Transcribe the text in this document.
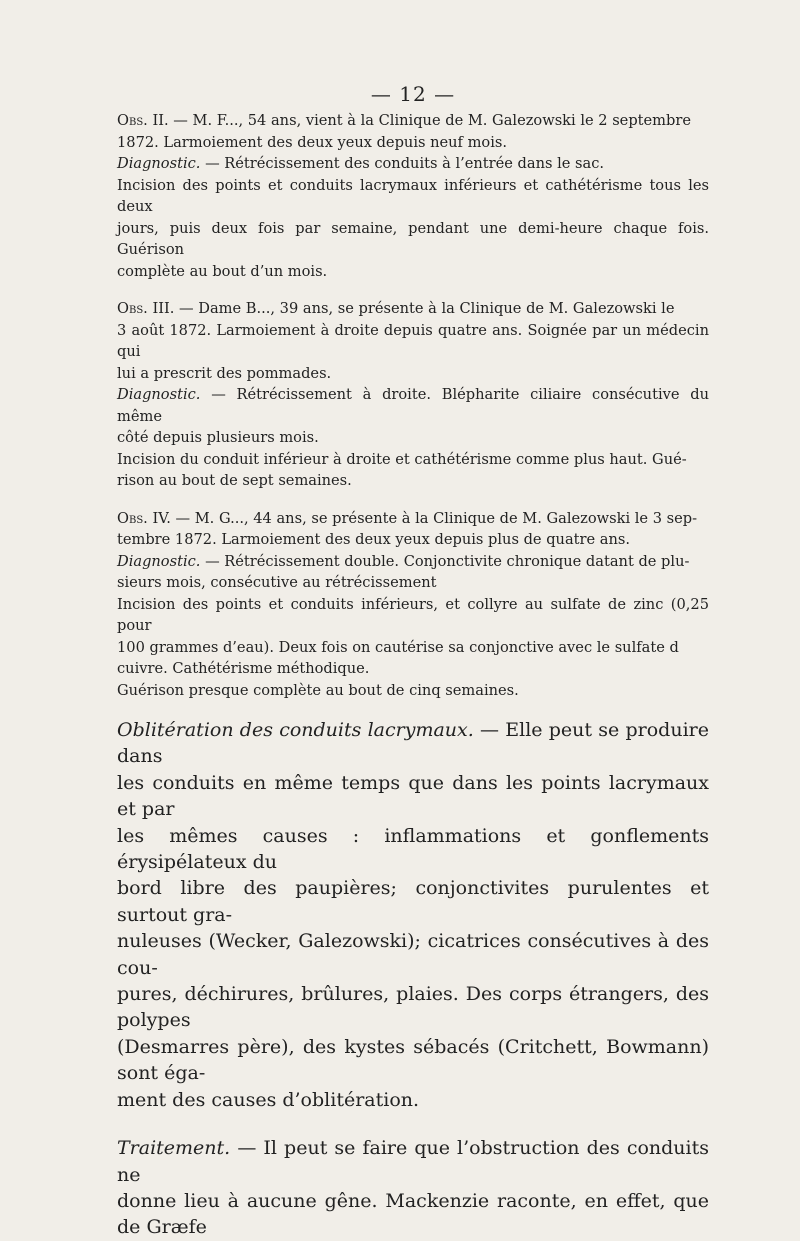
— 12 —

Obs. II. — M. F..., 54 ans, vient à la Clinique de M. Galezowski le 2 septembre

1872. Larmoiement des deux yeux depuis neuf mois.

Diagnostic. — Rétrécissement des conduits à l’entrée dans le sac.

Incision des points et conduits lacrymaux inférieurs et cathétérisme tous les deux

jours, puis deux fois par semaine, pendant une demi-heure chaque fois. Guérison

complète au bout d’un mois.

Obs. III. — Dame B..., 39 ans, se présente à la Clinique de M. Galezowski le

3 août 1872. Larmoiement à droite depuis quatre ans. Soignée par un médecin qui

lui a prescrit des pommades.

Diagnostic. — Rétrécissement à droite. Blépharite ciliaire consécutive du même

côté depuis plusieurs mois.

Incision du conduit inférieur à droite et cathétérisme comme plus haut. Gué-

rison au bout de sept semaines.

Obs. IV. — M. G..., 44 ans, se présente à la Clinique de M. Galezowski le 3 sep-

tembre 1872. Larmoiement des deux yeux depuis plus de quatre ans.

Diagnostic. — Rétrécissement double. Conjonctivite chronique datant de plu-

sieurs mois, consécutive au rétrécissement

Incision des points et conduits inférieurs, et collyre au sulfate de zinc (0,25 pour

100 grammes d’eau). Deux fois on cautérise sa conjonctive avec le sulfate d

cuivre. Cathétérisme méthodique.

Guérison presque complète au bout de cinq semaines.

Oblitération des conduits lacrymaux. — Elle peut se produire dans

les conduits en même temps que dans les points lacrymaux et par

les mêmes causes : inflammations et gonflements érysipélateux du

bord libre des paupières; conjonctivites purulentes et surtout gra-

nuleuses (Wecker, Galezowski); cicatrices consécutives à des cou-

pures, déchirures, brûlures, plaies. Des corps étrangers, des polypes

(Desmarres père), des kystes sébacés (Critchett, Bowmann) sont éga-

ment des causes d’oblitération.

Traitement. — Il peut se faire que l’obstruction des conduits ne

donne lieu à aucune gêne. Mackenzie raconte, en effet, que de Græfe
